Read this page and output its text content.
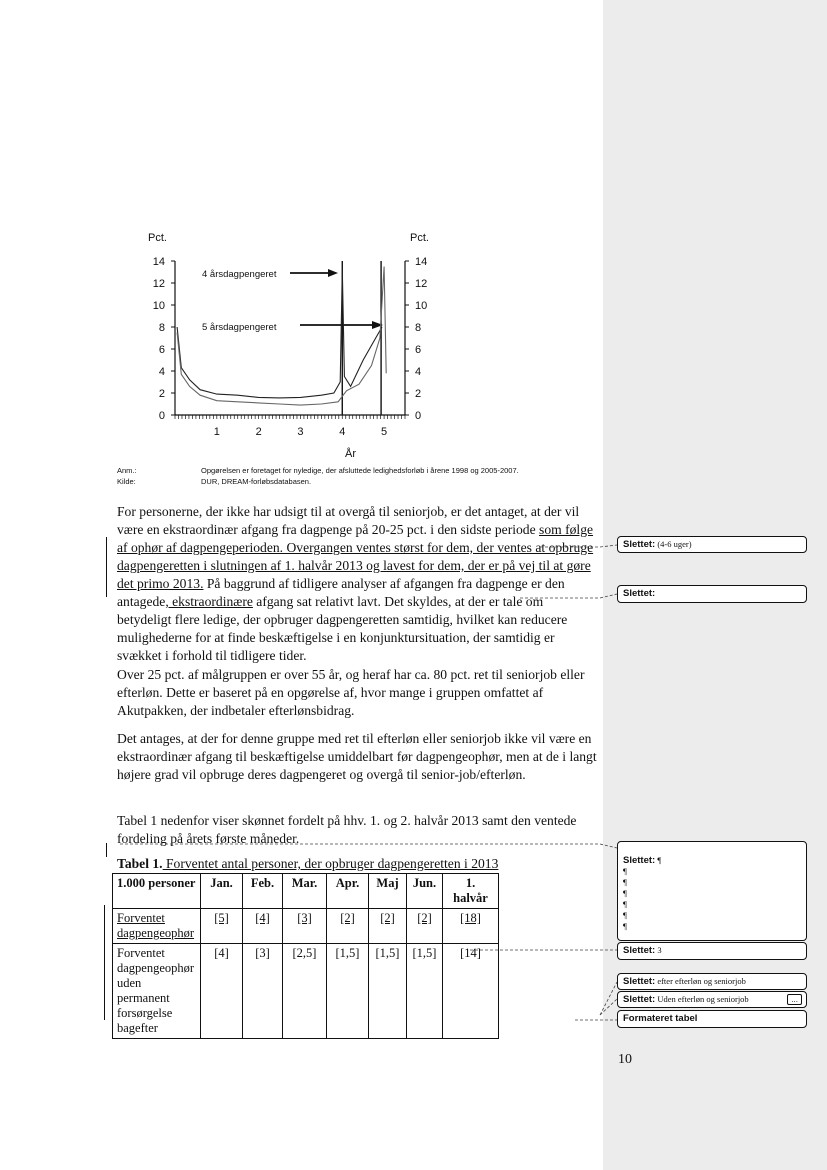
Pct.	Pct.
4 årsdagpengeret
5 årsdagpengeret
År
0	0
2	2
4	4
6	6
8	8
10	10
12	12
14	14
1	2	3	4	5
Anm.:	Opgørelsen er foretaget for nyledige, der afsluttede ledighedsforløb i årene 1998 og 2005-2007.
Kilde:	DUR, DREAM-forløbsdatabasen.

For personerne, der ikke har udsigt til at overgå til seniorjob, er det antaget, at der vil være en ekstraordinær afgang fra dagpenge på 20-25 pct. i den sidste periode som følge af ophør af dagpengeperioden. Overgangen ventes størst for dem, der ventes at opbruge dagpengeretten i slutningen af 1. halvår 2013 og lavest for dem, der er på vej til at gøre det primo 2013. På baggrund af tidligere analyser af afgangen fra dagpenge er den antagede, ekstraordinære afgang sat relativt lavt. Det skyldes, at der er tale om betydeligt flere ledige, der opbruger dagpengeretten samtidig, hvilket kan reducere mulighederne for at finde beskæftigelse i en konjunktursituation, der samtidig er svækket i forhold til tidligere tider.

Over 25 pct. af målgruppen er over 55 år, og heraf har ca. 80 pct. ret til seniorjob eller efterløn. Dette er baseret på en opgørelse af, hvor mange i gruppen omfattet af Akutpakken, der indbetaler efterlønsbidrag.

Det antages, at der for denne gruppe med ret til efterløn eller seniorjob ikke vil være en ekstraordinær afgang til beskæftigelse umiddelbart før dagpengeophør, men at de i langt højere grad vil opbruge deres dagpengeret og overgå til senior-job/efterløn.

Tabel 1 nedenfor viser skønnet fordelt på hhv. 1. og 2. halvår 2013 samt den ventede fordeling på årets første måneder.

Tabel 1. Forventet antal personer, der opbruger dagpengeretten i 2013
1.000 personer	Jan.	Feb.	Mar.	Apr.	Maj	Jun.	1. halvår
Forventet dagpengeophør	[5]	[4]	[3]	[2]	[2]	[2]	[18]
Forventet dagpengeophør uden permanent forsørgelse bagefter	[4]	[3]	[2,5]	[1,5]	[1,5]	[1,5]	[14]
Slettet: (4-6 uger)
Slettet:

Slettet: ¶
¶
¶
¶
¶
¶
¶

Slettet: 3
Slettet: efter efterløn og seniorjob
Slettet: Uden efterløn og seniorjob	...
Formateret tabel
10
